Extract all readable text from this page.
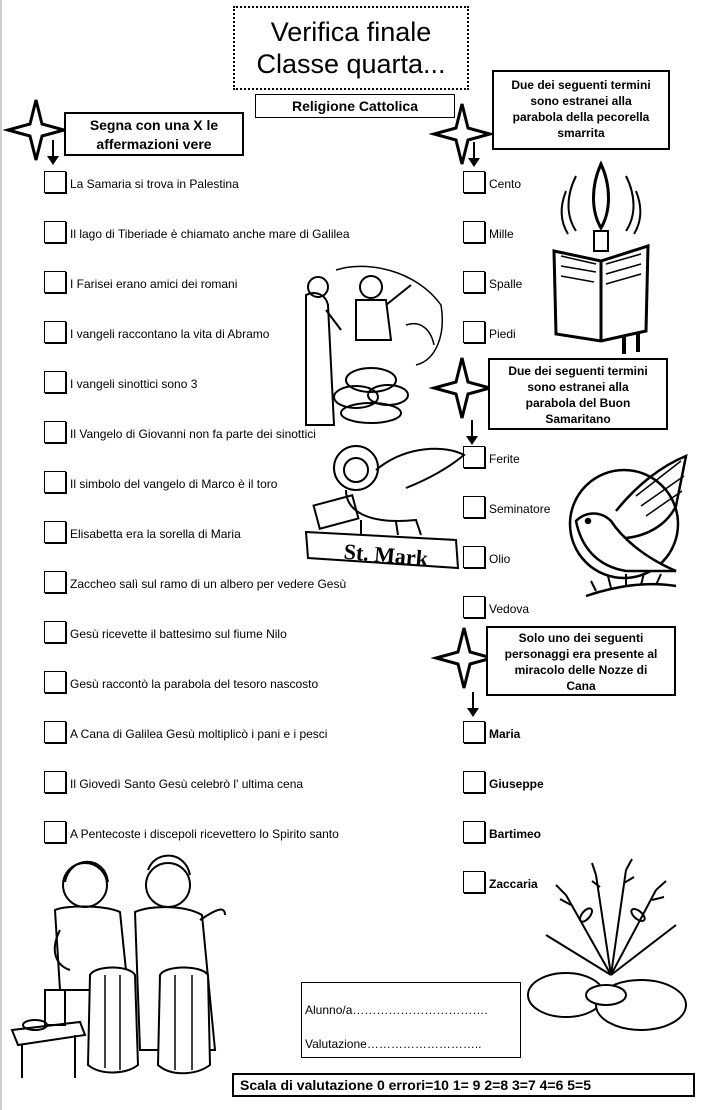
Verifica finale
Classe quarta...
Religione Cattolica
Segna con una X le
affermazioni vere
La Samaria si trova in Palestina
Il lago di Tiberiade è chiamato anche mare di Galilea
I Farisei erano amici dei romani
I vangeli raccontano la vita di Abramo
I vangeli sinottici sono 3
Il Vangelo di Giovanni non fa parte dei sinottici
Il simbolo del vangelo di Marco è il toro
Elisabetta era la sorella di Maria
Zaccheo salì sul ramo di un albero per vedere Gesù
Gesù ricevette il battesimo sul fiume Nilo
Gesù raccontò la parabola del tesoro nascosto
A Cana di Galilea Gesù moltiplicò i pani e i pesci
Il Giovedì Santo Gesù celebrò l' ultima cena
A Pentecoste i discepoli ricevettero lo Spirito santo
Due dei seguenti termini
sono estranei alla
parabola della pecorella
smarrita
Cento
Mille
Spalle
Piedi
Due dei seguenti termini
sono estranei alla
parabola del Buon
Samaritano
Ferite
Seminatore
Olio
Vedova
Solo uno dei seguenti
personaggi era presente al
miracolo delle Nozze di
Cana
Maria
Giuseppe
Bartimeo
Zaccaria
St. Mark
Alunno/a…………………………….
Valutazione………………………..
Scala di valutazione 0 errori=10 1= 9 2=8 3=7 4=6 5=5
